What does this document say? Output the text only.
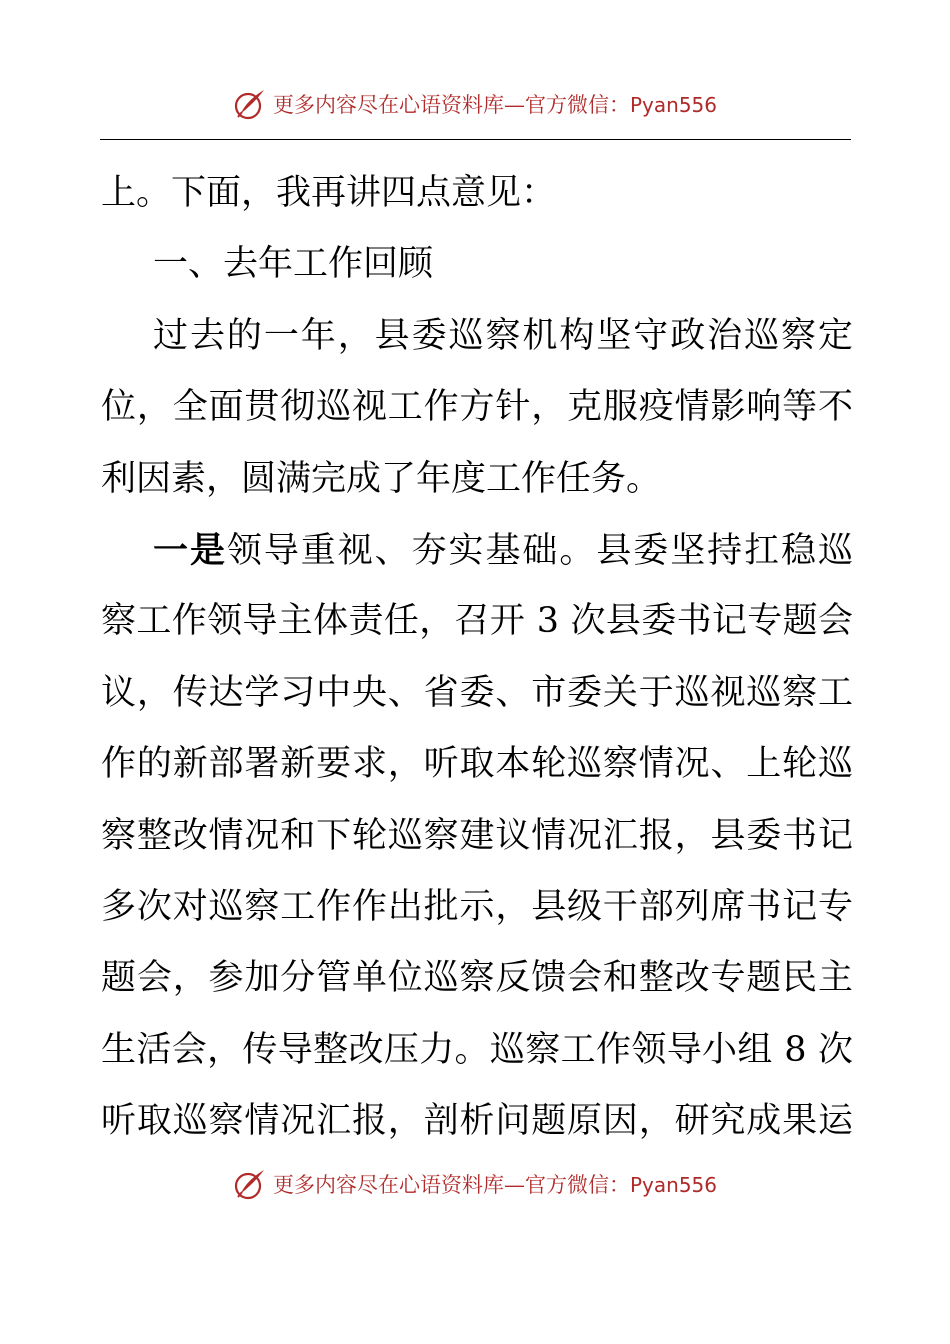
更多内容尽在心语资料库—官方微信：Pyan556
上。下面，我再讲四点意见：
一、去年工作回顾
过去的一年，县委巡察机构坚守政治巡察定
位，全面贯彻巡视工作方针，克服疫情影响等不
利因素，圆满完成了年度工作任务。
一是领导重视、夯实基础。县委坚持扛稳巡
察工作领导主体责任，召开 3 次县委书记专题会
议，传达学习中央、省委、市委关于巡视巡察工
作的新部署新要求，听取本轮巡察情况、上轮巡
察整改情况和下轮巡察建议情况汇报，县委书记
多次对巡察工作作出批示，县级干部列席书记专
题会，参加分管单位巡察反馈会和整改专题民主
生活会，传导整改压力。巡察工作领导小组 8 次
听取巡察情况汇报，剖析问题原因，研究成果运
更多内容尽在心语资料库—官方微信：Pyan556
